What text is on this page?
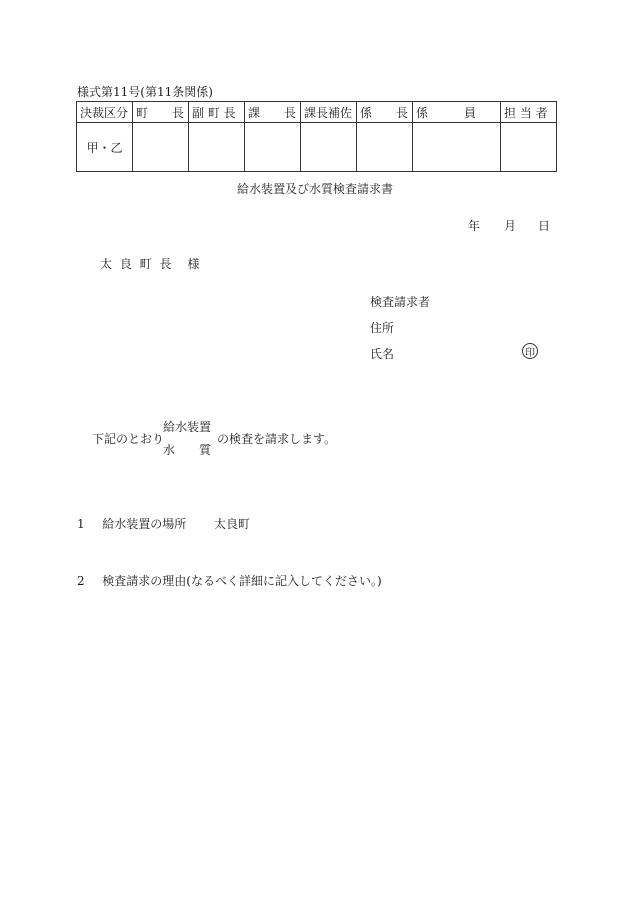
様式第11号(第11条関係)
決裁区分	町　　長	副 町 長	課　　長	課長補佐	係　　長	係　　　員	担 当 者
甲・乙							
給水装置及び水質検査請求書
年 月 日
太 良 町 長　様
検査請求者
住所
氏名	印
下記のとおり
給水装置
水 質
の検査を請求します。
1 給水装置の場所 太良町
2 検査請求の理由(なるべく詳細に記入してください。)
